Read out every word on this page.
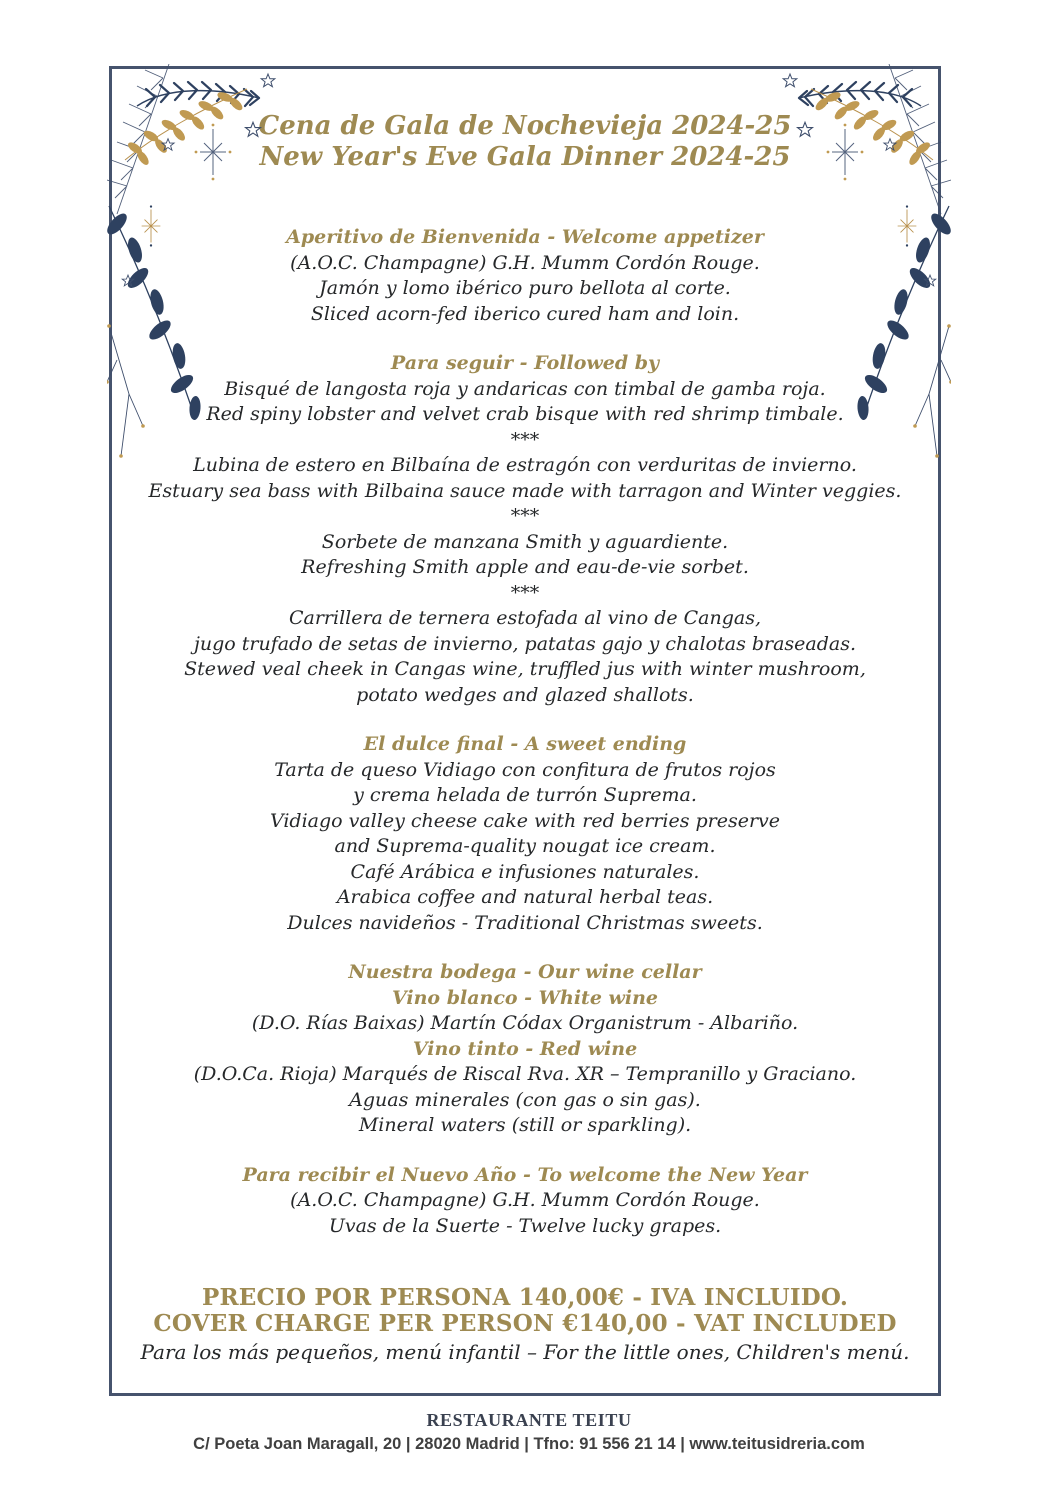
Cena de Gala de Nochevieja 2024-25
New Year's Eve Gala Dinner 2024-25
Aperitivo de Bienvenida - Welcome appetizer
(A.O.C. Champagne) G.H. Mumm Cordón Rouge.
Jamón y lomo ibérico puro bellota al corte.
Sliced acorn-fed iberico cured ham and loin.
Para seguir - Followed by
Bisqué de langosta roja y andaricas con timbal de gamba roja.
Red spiny lobster and velvet crab bisque with red shrimp timbale.
***
Lubina de estero en Bilbaína de estragón con verduritas de invierno.
Estuary sea bass with Bilbaina sauce made with tarragon and Winter veggies.
***
Sorbete de manzana Smith y aguardiente.
Refreshing Smith apple and eau-de-vie sorbet.
***
Carrillera de ternera estofada al vino de Cangas,
jugo trufado de setas de invierno, patatas gajo y chalotas braseadas.
Stewed veal cheek in Cangas wine, truffled jus with winter mushroom,
potato wedges and glazed shallots.
El dulce final - A sweet ending
Tarta de queso Vidiago con confitura de frutos rojos
y crema helada de turrón Suprema.
Vidiago valley cheese cake with red berries preserve
and Suprema-quality nougat ice cream.
Café Arábica e infusiones naturales.
Arabica coffee and natural herbal teas.
Dulces navideños - Traditional Christmas sweets.
Nuestra bodega - Our wine cellar
Vino blanco - White wine
(D.O. Rías Baixas) Martín Códax Organistrum - Albariño.
Vino tinto - Red wine
(D.O.Ca. Rioja) Marqués de Riscal Rva. XR – Tempranillo y Graciano.
Aguas minerales (con gas o sin gas).
Mineral waters (still or sparkling).
Para recibir el Nuevo Año - To welcome the New Year
(A.O.C. Champagne) G.H. Mumm Cordón Rouge.
Uvas de la Suerte - Twelve lucky grapes.
PRECIO POR PERSONA 140,00€ - IVA INCLUIDO.
COVER CHARGE PER PERSON €140,00 - VAT INCLUDED
Para los más pequeños, menú infantil – For the little ones, Children's menú.
RESTAURANTE TEITU
C/ Poeta Joan Maragall, 20 | 28020 Madrid | Tfno: 91 556 21 14 | www.teitusidreria.com
